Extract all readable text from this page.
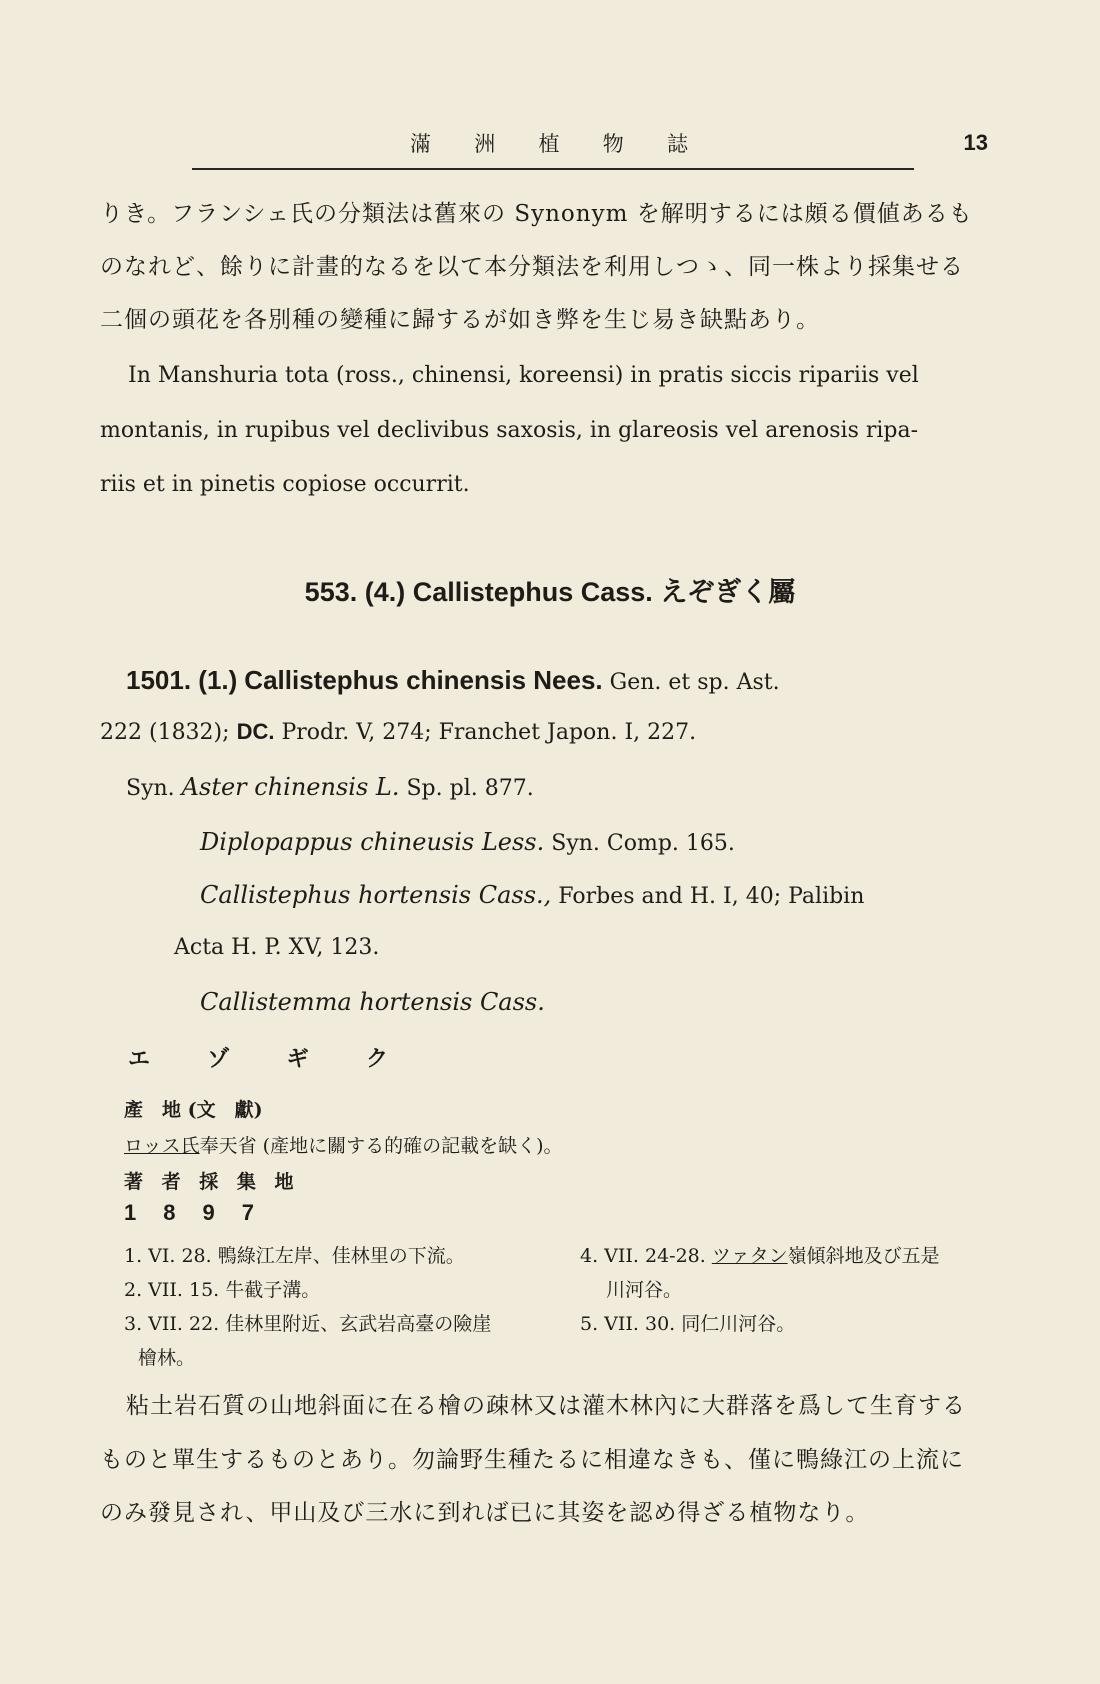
滿 洲 植 物 誌	13
りき。フランシェ氏の分類法は舊來の Synonym を解明するには頗る價値あるも
のなれど、餘りに計畫的なるを以て本分類法を利用しつゝ、同一株より採集せる
二個の頭花を各別種の變種に歸するが如き弊を生じ易き缺點あり。
In Manshuria tota (ross., chinensi, koreensi) in pratis siccis ripariis vel
montanis, in rupibus vel declivibus saxosis, in glareosis vel arenosis ripa-
riis et in pinetis copiose occurrit.
553. (4.) Callistephus Cass. えぞぎく屬
1501. (1.) Callistephus chinensis Nees. Gen. et sp. Ast.
222 (1832); DC. Prodr. V, 274; Franchet Japon. I, 227.
Syn. Aster chinensis L. Sp. pl. 877.
Diplopappus chineusis Less. Syn. Comp. 165.
Callistephus hortensis Cass., Forbes and H. I, 40; Palibin
Acta H. P. XV, 123.
Callistemma hortensis Cass.
エ	ゾ	ギ	ク
產　地 (文　獻)
ロッス氏奉天省 (產地に關する的確の記載を缺く)。
著 者 採 集 地
1 8 9 7
1. VI. 28. 鴨綠江左岸、佳林里の下流。
2. VII. 15. 牛截子溝。
3. VII. 22. 佳林里附近、玄武岩高臺の險崖
檜林。
4. VII. 24-28. ツァタン嶺傾斜地及び五是
川河谷。
5. VII. 30. 同仁川河谷。
粘土岩石質の山地斜面に在る檜の疎林又は灌木林內に大群落を爲して生育する
ものと單生するものとあり。勿論野生種たるに相違なきも、僅に鴨綠江の上流に
のみ發見され、甲山及び三水に到れば已に其姿を認め得ざる植物なり。
